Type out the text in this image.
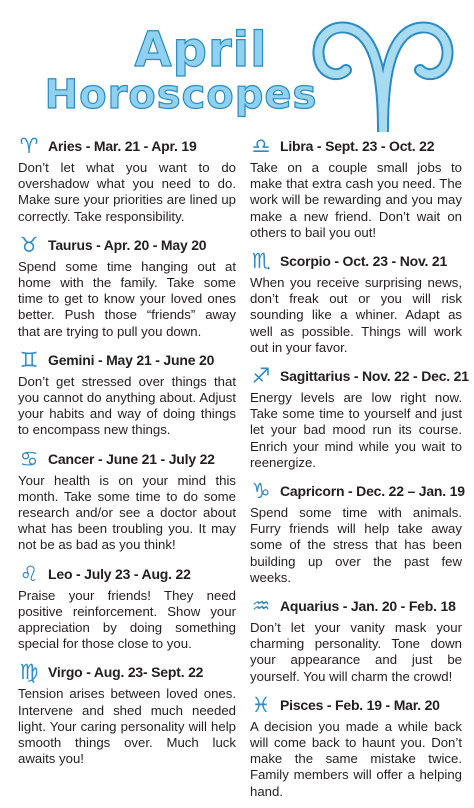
April
Horoscopes
♈ Aries - Mar. 21 - Apr. 19
Don’t let what you want to do overshadow what you need to do. Make sure your priorities are lined up correctly. Take responsibility.
♉ Taurus - Apr. 20 - May 20
Spend some time hanging out at home with the family. Take some time to get to know your loved ones better. Push those “friends” away that are trying to pull you down.
♊ Gemini - May 21 - June 20
Don’t get stressed over things that you cannot do anything about. Adjust your habits and way of doing things to encompass new things.
♋ Cancer - June 21 - July 22
Your health is on your mind this month. Take some time to do some research and/or see a doctor about what has been troubling you. It may not be as bad as you think!
♌ Leo - July 23 - Aug. 22
Praise your friends! They need positive reinforcement. Show your appreciation by doing something special for those close to you.
♍ Virgo - Aug. 23- Sept. 22
Tension arises between loved ones. Intervene and shed much needed light. Your caring personality will help smooth things over. Much luck awaits you!
♎ Libra - Sept. 23 - Oct. 22
Take on a couple small jobs to make that extra cash you need. The work will be rewarding and you may make a new friend. Don’t wait on others to bail you out!
♏ Scorpio - Oct. 23 - Nov. 21
When you receive surprising news, don’t freak out or you will risk sounding like a whiner. Adapt as well as possible. Things will work out in your favor.
♐ Sagittarius - Nov. 22 - Dec. 21
Energy levels are low right now. Take some time to yourself and just let your bad mood run its course. Enrich your mind while you wait to reenergize.
♑ Capricorn - Dec. 22 – Jan. 19
Spend some time with animals. Furry friends will help take away some of the stress that has been building up over the past few weeks.
♒ Aquarius - Jan. 20 - Feb. 18
Don’t let your vanity mask your charming personality. Tone down your appearance and just be yourself. You will charm the crowd!
♓ Pisces - Feb. 19 - Mar. 20
A decision you made a while back will come back to haunt you. Don’t make the same mistake twice. Family members will offer a helping hand.
